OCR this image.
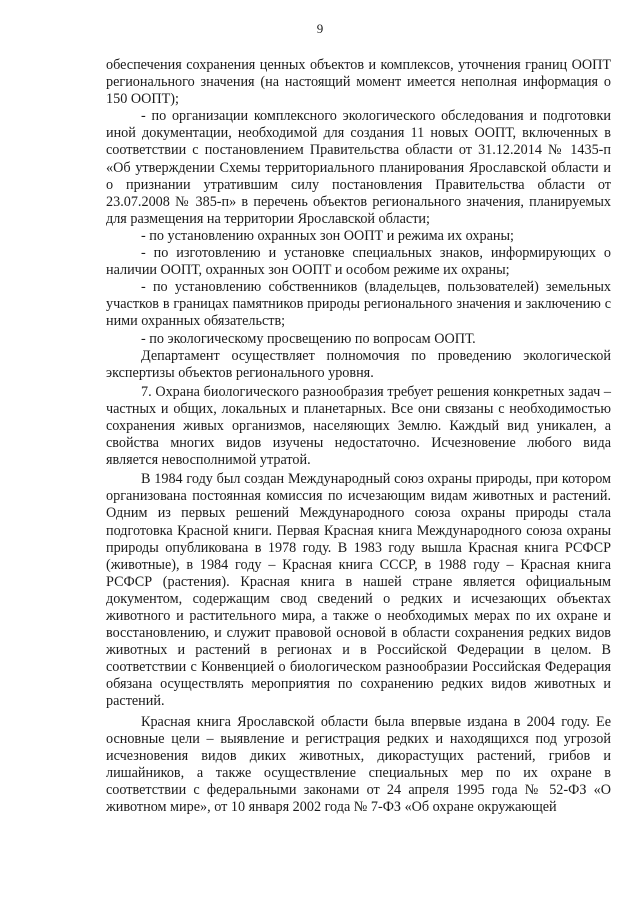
9

обеспечения сохранения ценных объектов и комплексов, уточнения границ ООПТ регионального значения (на настоящий момент имеется неполная информация о 150 ООПТ);

- по организации комплексного экологического обследования и подготовки иной документации, необходимой для создания 11 новых ООПТ, включенных в соответствии с постановлением Правительства области от 31.12.2014 № 1435-п «Об утверждении Схемы территориального планирования Ярославской области и о признании утратившим силу постановления Правительства области от 23.07.2008 № 385-п» в перечень объектов регионального значения, планируемых для размещения на территории Ярославской области;

- по установлению охранных зон ООПТ и режима их охраны;

- по изготовлению и установке специальных знаков, информирующих о наличии ООПТ, охранных зон ООПТ и особом режиме их охраны;

- по установлению собственников (владельцев, пользователей) земельных участков в границах памятников природы регионального значения и заключению с ними охранных обязательств;

- по экологическому просвещению по вопросам ООПТ.

Департамент осуществляет полномочия по проведению экологической экспертизы объектов регионального уровня.

7. Охрана биологического разнообразия требует решения конкретных задач – частных и общих, локальных и планетарных. Все они связаны с необходимостью сохранения живых организмов, населяющих Землю. Каждый вид уникален, а свойства многих видов изучены недостаточно. Исчезновение любого вида является невосполнимой утратой.

В 1984 году был создан Международный союз охраны природы, при котором организована постоянная комиссия по исчезающим видам животных и растений. Одним из первых решений Международного союза охраны природы стала подготовка Красной книги. Первая Красная книга Международного союза охраны природы опубликована в 1978 году. В 1983 году вышла Красная книга РСФСР (животные), в 1984 году – Красная книга СССР, в 1988 году – Красная книга РСФСР (растения). Красная книга в нашей стране является официальным документом, содержащим свод сведений о редких и исчезающих объектах животного и растительного мира, а также о необходимых мерах по их охране и восстановлению, и служит правовой основой в области сохранения редких видов животных и растений в регионах и в Российской Федерации в целом. В соответствии с Конвенцией о биологическом разнообразии Российская Федерация обязана осуществлять мероприятия по сохранению редких видов животных и растений.

Красная книга Ярославской области была впервые издана в 2004 году. Ее основные цели – выявление и регистрация редких и находящихся под угрозой исчезновения видов диких животных, дикорастущих растений, грибов и лишайников, а также осуществление специальных мер по их охране в соответствии с федеральными законами от 24 апреля 1995 года № 52-ФЗ «О животном мире», от 10 января 2002 года № 7-ФЗ «Об охране окружающей
